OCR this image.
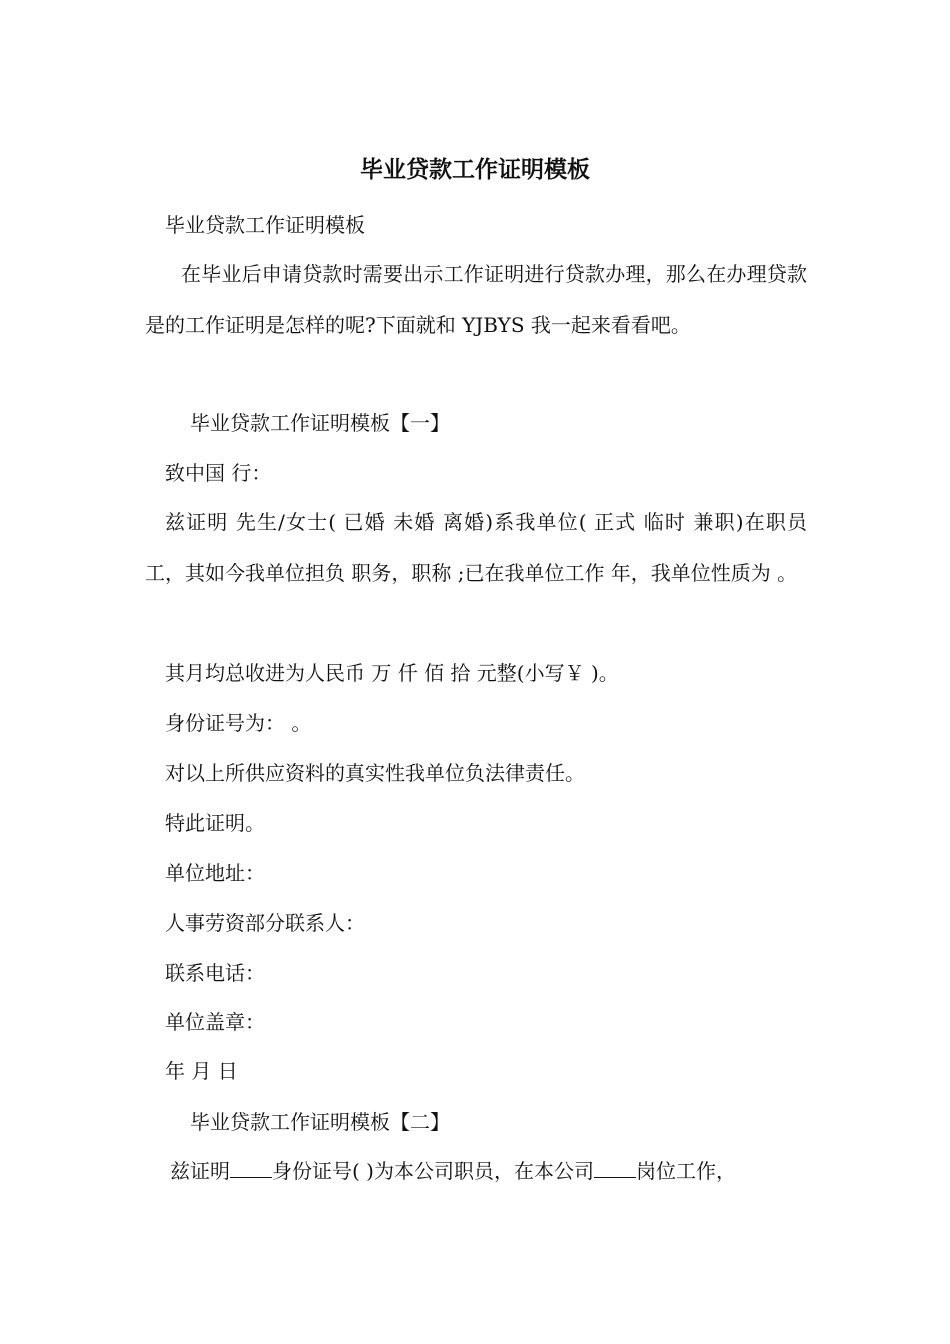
毕业贷款工作证明模板
毕业贷款工作证明模板
在毕业后申请贷款时需要出示工作证明进行贷款办理，那么在办理贷款是的工作证明是怎样的呢?下面就和 YJBYS 我一起来看看吧。
毕业贷款工作证明模板【一】
致中国 行：
兹证明 先生/女士( 已婚 未婚 离婚)系我单位( 正式 临时 兼职)在职员工，其如今我单位担负 职务，职称 ;已在我单位工作 年，我单位性质为 。
其月均总收进为人民币 万 仟 佰 拾 元整(小写￥ )。
身份证号为： 。
对以上所供应资料的真实性我单位负法律责任。
特此证明。
单位地址：
人事劳资部分联系人：
联系电话：
单位盖章：
年 月 日
毕业贷款工作证明模板【二】
兹证明 身份证号( )为本公司职员，在本公司 岗位工作，
